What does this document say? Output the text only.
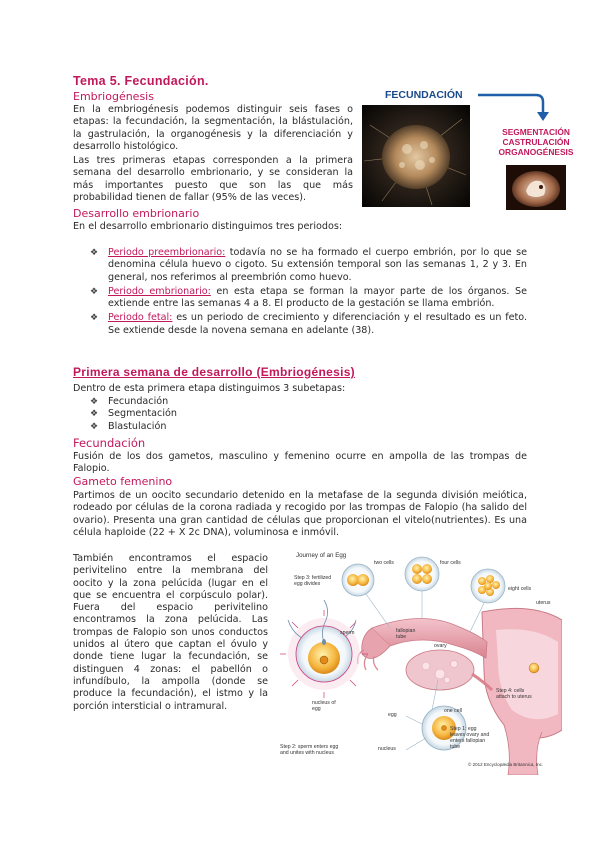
Tema 5. Fecundación.
Embriogénesis
En la embriogénesis podemos distinguir seis fases o etapas: la fecundación, la segmentación, la blástulación, la gastrulación, la organogénesis y la diferenciación y desarrollo histológico.
Las tres primeras etapas corresponden a la primera semana del desarrollo embrionario, y se consideran la más importantes puesto que son las que más probabilidad tienen de fallar (95% de las veces).
Desarrollo embrionario
En el desarrollo embrionario distinguimos tres periodos:
❖ Periodo preembrionario: todavía no se ha formado el cuerpo embrión, por lo que se denomina célula huevo o cigoto. Su extensión temporal son las semanas 1, 2 y 3. En general, nos referimos al preembrión como huevo.
❖ Periodo embrionario: en esta etapa se forman la mayor parte de los órganos. Se extiende entre las semanas 4 a 8. El producto de la gestación se llama embrión.
❖ Periodo fetal: es un periodo de crecimiento y diferenciación y el resultado es un feto. Se extiende desde la novena semana en adelante (38).
Primera semana de desarrollo (Embriogénesis)
Dentro de esta primera etapa distinguimos 3 subetapas:
❖ Fecundación
❖ Segmentación
❖ Blastulación
Fecundación
Fusión de los dos gametos, masculino y femenino ocurre en ampolla de las trompas de Falopio.
Gameto femenino
Partimos de un oocito secundario detenido en la metafase de la segunda división meiótica, rodeado por células de la corona radiada y recogido por las trompas de Falopio (ha salido del ovario). Presenta una gran cantidad de células que proporcionan el vitelo(nutrientes). Es una célula haploide (22 + X 2c DNA), voluminosa e inmóvil.
También encontramos el espacio perivitelino entre la membrana del oocito y la zona pelúcida (lugar en el que se encuentra el corpúsculo polar). Fuera del espacio perivitelino encontramos la zona pelúcida. Las trompas de Falopio son unos conductos unidos al útero que captan el óvulo y donde tiene lugar la fecundación, se distinguen 4 zonas: el pabellón o infundíbulo, la ampolla (donde se produce la fecundación), el istmo y la porción intersticial o intramural.
FECUNDACIÓN
SEGMENTACIÓN
CASTRULACIÓN
ORGANOGÉNESIS
Journey of an Egg
two cells	four cells
eight cells
uterus
Step 3: fertilized egg divides
fallopian tube
ovary
sperm
nucleus of egg
Step 4: cells attach to uterus
one cell
egg
nucleus
Step 1: egg leaves ovary and enters fallopian tube
Step 2: sperm enters egg and unites with nucleus
© 2012 Encyclopædia Britannica, Inc.
